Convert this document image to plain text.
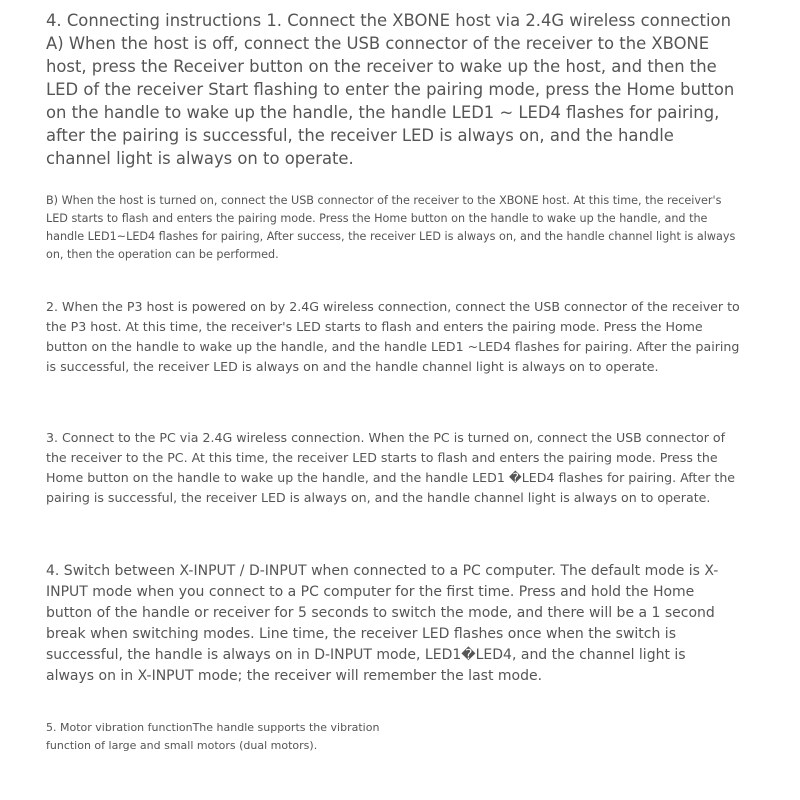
4. Connecting instructions 1. Connect the XBONE host via 2.4G wireless connection A) When the host is off, connect the USB connector of the receiver to the XBONE host, press the Receiver button on the receiver to wake up the host, and then the LED of the receiver Start flashing to enter the pairing mode, press the Home button on the handle to wake up the handle, the handle LED1 ~ LED4 flashes for pairing, after the pairing is successful, the receiver LED is always on, and the handle channel light is always on to operate.

B) When the host is turned on, connect the USB connector of the receiver to the XBONE host. At this time, the receiver's LED starts to flash and enters the pairing mode. Press the Home button on the handle to wake up the handle, and the handle LED1~LED4 flashes for pairing, After success, the receiver LED is always on, and the handle channel light is always on, then the operation can be performed.

2. When the P3 host is powered on by 2.4G wireless connection, connect the USB connector of the receiver to the P3 host. At this time, the receiver's LED starts to flash and enters the pairing mode. Press the Home button on the handle to wake up the handle, and the handle LED1 ~LED4 flashes for pairing. After the pairing is successful, the receiver LED is always on and the handle channel light is always on to operate.

3. Connect to the PC via 2.4G wireless connection. When the PC is turned on, connect the USB connector of the receiver to the PC. At this time, the receiver LED starts to flash and enters the pairing mode. Press the Home button on the handle to wake up the handle, and the handle LED1 �LED4 flashes for pairing. After the pairing is successful, the receiver LED is always on, and the handle channel light is always on to operate.

4. Switch between X-INPUT / D-INPUT when connected to a PC computer. The default mode is X-INPUT mode when you connect to a PC computer for the first time. Press and hold the Home button of the handle or receiver for 5 seconds to switch the mode, and there will be a 1 second break when switching modes. Line time, the receiver LED flashes once when the switch is successful, the handle is always on in D-INPUT mode, LED1�LED4, and the channel light is always on in X-INPUT mode; the receiver will remember the last mode.

5. Motor vibration functionThe handle supports the vibration function of large and small motors (dual motors).
